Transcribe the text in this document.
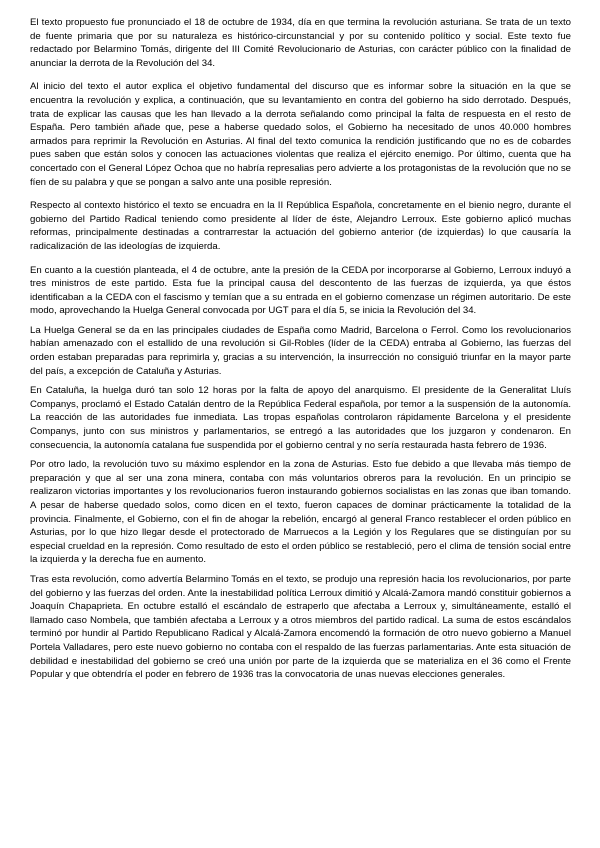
El texto propuesto fue pronunciado el 18 de octubre de 1934, día en que termina la revolución asturiana. Se trata de un texto de fuente primaria que por su naturaleza es histórico-circunstancial y por su contenido político y social. Este texto fue redactado por Belarmino Tomás, dirigente del III Comité Revolucionario de Asturias, con carácter público con la finalidad de anunciar la derrota de la Revolución del 34.

Al inicio del texto el autor explica el objetivo fundamental del discurso que es informar sobre la situación en la que se encuentra la revolución y explica, a continuación, que su levantamiento en contra del gobierno ha sido derrotado. Después, trata de explicar las causas que les han llevado a la derrota señalando como principal la falta de respuesta en el resto de España. Pero también añade que, pese a haberse quedado solos, el Gobierno ha necesitado de unos 40.000 hombres armados para reprimir la Revolución en Asturias. Al final del texto comunica la rendición justificando que no es de cobardes pues saben que están solos y conocen las actuaciones violentas que realiza el ejército enemigo. Por último, cuenta que ha concertado con el General López Ochoa que no habría represalias pero advierte a los protagonistas de la revolución que no se fíen de su palabra y que se pongan a salvo ante una posible represión.

Respecto al contexto histórico el texto se encuadra en la II República Española, concretamente en el bienio negro, durante el gobierno del Partido Radical teniendo como presidente al líder de éste, Alejandro Lerroux. Este gobierno aplicó muchas reformas, principalmente destinadas a contrarrestar la actuación del gobierno anterior (de izquierdas) lo que causaría la radicalización de las ideologías de izquierda.

En cuanto a la cuestión planteada, el 4 de octubre, ante la presión de la CEDA por incorporarse al Gobierno, Lerroux induyó a tres ministros de este partido. Esta fue la principal causa del descontento de las fuerzas de izquierda, ya que éstos identificaban a la CEDA con el fascismo y temían que a su entrada en el gobierno comenzase un régimen autoritario. De este modo, aprovechando la Huelga General convocada por UGT para el día 5, se inicia la Revolución del 34.

La Huelga General se da en las principales ciudades de España como Madrid, Barcelona o Ferrol. Como los revolucionarios habían amenazado con el estallido de una revolución si Gil-Robles (líder de la CEDA) entraba al Gobierno, las fuerzas del orden estaban preparadas para reprimirla y, gracias a su intervención, la insurrección no consiguió triunfar en la mayor parte del país, a excepción de Cataluña y Asturias.

En Cataluña, la huelga duró tan solo 12 horas por la falta de apoyo del anarquismo. El presidente de la Generalitat Lluís Companys, proclamó el Estado Catalán dentro de la República Federal española, por temor a la suspensión de la autonomía. La reacción de las autoridades fue inmediata. Las tropas españolas controlaron rápidamente Barcelona y el presidente Companys, junto con sus ministros y parlamentarios, se entregó a las autoridades que los juzgaron y condenaron. En consecuencia, la autonomía catalana fue suspendida por el gobierno central y no sería restaurada hasta febrero de 1936.

Por otro lado, la revolución tuvo su máximo esplendor en la zona de Asturias. Esto fue debido a que llevaba más tiempo de preparación y que al ser una zona minera, contaba con más voluntarios obreros para la revolución. En un principio se realizaron victorias importantes y los revolucionarios fueron instaurando gobiernos socialistas en las zonas que iban tomando. A pesar de haberse quedado solos, como dicen en el texto, fueron capaces de dominar prácticamente la totalidad de la provincia. Finalmente, el Gobierno, con el fin de ahogar la rebelión, encargó al general Franco restablecer el orden público en Asturias, por lo que hizo llegar desde el protectorado de Marruecos a la Legión y los Regulares que se distinguían por su especial crueldad en la represión. Como resultado de esto el orden público se restableció, pero el clima de tensión social entre la izquierda y la derecha fue en aumento.

Tras esta revolución, como advertía Belarmino Tomás en el texto, se produjo una represión hacia los revolucionarios, por parte del gobierno y las fuerzas del orden. Ante la inestabilidad política Lerroux dimitió y Alcalá-Zamora mandó constituir gobiernos a Joaquín Chapaprieta. En octubre estalló el escándalo de estraperlo que afectaba a Lerroux y, simultáneamente, estalló el llamado caso Nombela, que también afectaba a Lerroux y a otros miembros del partido radical. La suma de estos escándalos terminó por hundir al Partido Republicano Radical y Alcalá-Zamora encomendó la formación de otro nuevo gobierno a Manuel Portela Valladares, pero este nuevo gobierno no contaba con el respaldo de las fuerzas parlamentarias. Ante esta situación de debilidad e inestabilidad del gobierno se creó una unión por parte de la izquierda que se materializa en el 36 como el Frente Popular y que obtendría el poder en febrero de 1936 tras la convocatoria de unas nuevas elecciones generales.
